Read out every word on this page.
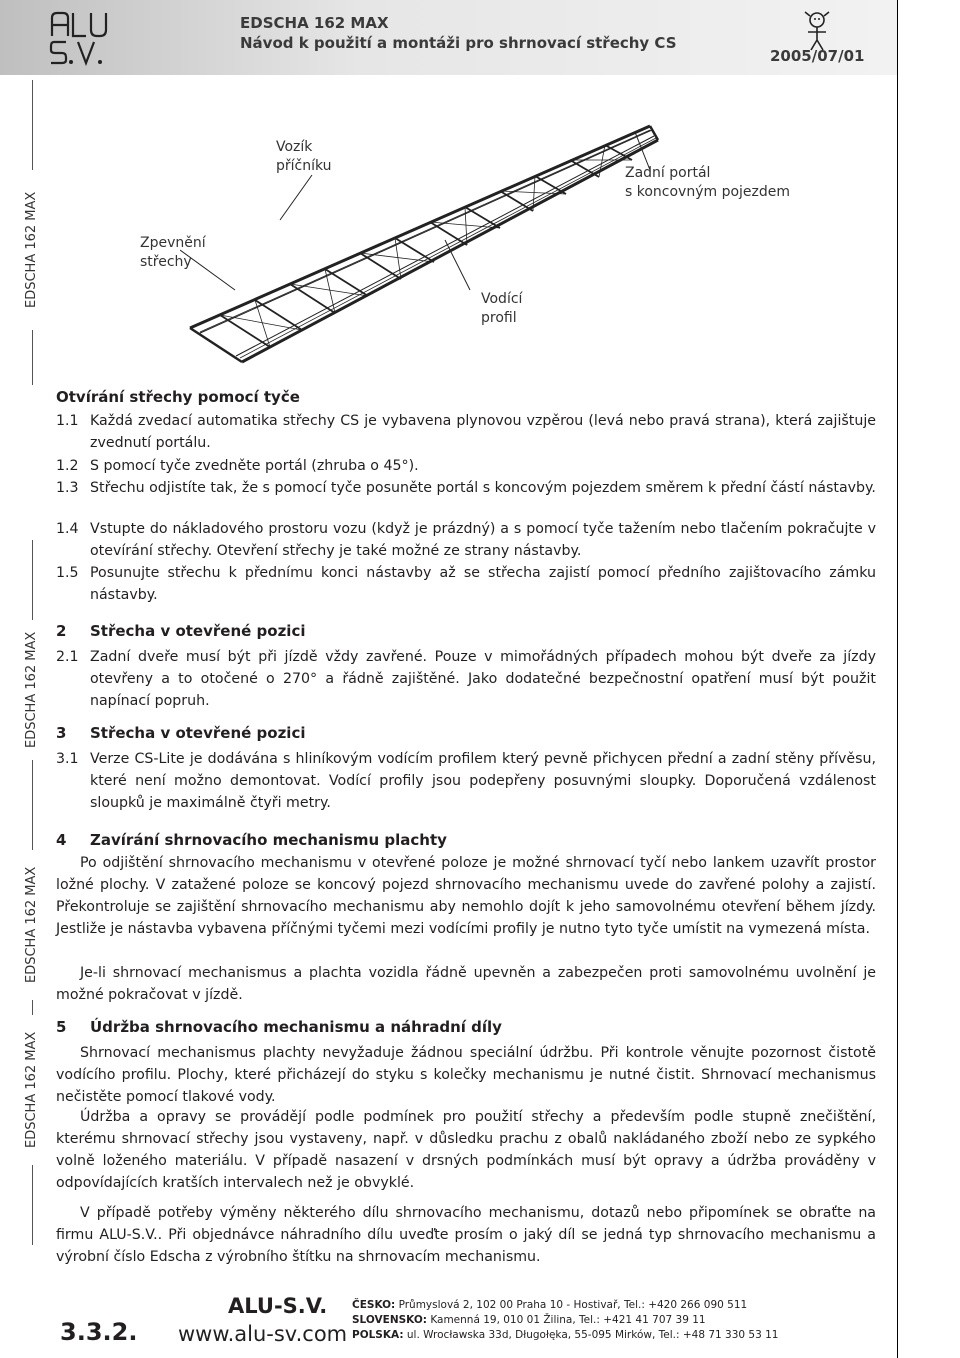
EDSCHA 162 MAX
Návod k použití a montáži pro shrnovací střechy CS
2005/07/01
EDSCHA 162 MAX
EDSCHA 162 MAX
EDSCHA 162 MAX
EDSCHA 162 MAX
Vozík
příčníku	Zadní portál
s koncovným pojezdem
Zpevnění
střechy
Vodící
profil
Otvírání střechy pomocí tyče
1.1 Každá zvedací automatika střechy CS je vybavena plynovou vzpěrou (levá nebo pravá strana), která zajištuje zvednutí portálu.
1.2 S pomocí tyče zvedněte portál (zhruba o 45°).
1.3 Střechu odjistíte tak, že s pomocí tyče posuněte portál s koncovým pojezdem směrem k přední částí nástavby.
1.4 Vstupte do nákladového prostoru vozu (když je prázdný) a s pomocí tyče tažením nebo tlačením pokračujte v otevírání střechy. Otevření střechy je také možné ze strany nástavby.
1.5 Posunujte střechu k přednímu konci nástavby až se střecha zajistí pomocí předního zajištovacího zámku nástavby.
2 Střecha v otevřené pozici
2.1 Zadní dveře musí být při jízdě vždy zavřené. Pouze v mimořádných případech mohou být dveře za jízdy otevřeny a to otočené o 270° a řádně zajištěné. Jako dodatečné bezpečnostní opatření musí být použit napínací popruh.
3 Střecha v otevřené pozici
3.1 Verze CS-Lite je dodávána s hliníkovým vodícím profilem který pevně přichycen přední a zadní stěny přívěsu, které není možno demontovat. Vodící profily jsou podepřeny posuvnými sloupky. Doporučená vzdálenost sloupků je maximálně čtyři metry.
4 Zavírání shrnovacího mechanismu plachty
Po odjištění shrnovacího mechanismu v otevřené poloze je možné shrnovací tyčí nebo lankem uzavřít prostor ložné plochy. V zatažené poloze se koncový pojezd shrnovacího mechanismu uvede do zavřené polohy a zajistí. Překontroluje se zajištění shrnovacího mechanismu aby nemohlo dojít k jeho samovolnému otevření během jízdy. Jestliže je nástavba vybavena příčnými tyčemi mezi vodícími profily je nutno tyto tyče umístit na vymezená místa.
Je-li shrnovací mechanismus a plachta vozidla řádně upevněn a zabezpečen proti samovolnému uvolnění je možné pokračovat v jízdě.
5 Údržba shrnovacího mechanismu a náhradní díly
Shrnovací mechanismus plachty nevyžaduje žádnou speciální údržbu. Při kontrole věnujte pozornost čistotě vodícího profilu. Plochy, které přicházejí do styku s kolečky mechanismu je nutné čistit. Shrnovací mechanismus nečistěte pomocí tlakové vody.
Údržba a opravy se provádějí podle podmínek pro použití střechy a především podle stupně znečištění, kterému shrnovací střechy jsou vystaveny, např. v důsledku prachu z obalů nakládaného zboží nebo ze sypkého volně loženého materiálu. V případě nasazení v drsných podmínkách musí být opravy a údržba prováděny v odpovídajících kratších intervalech než je obvyklé.
V případě potřeby výměny některého dílu shrnovacího mechanismu, dotazů nebo připomínek se obraťte na firmu ALU-S.V.. Při objednávce náhradního dílu uveďte prosím o jaký díl se jedná typ shrnovacího mechanismu a výrobní číslo Edscha z výrobního štítku na shrnovacím mechanismu.
3.3.2.
ALU-S.V.
www.alu-sv.com
ČESKO: Průmyslová 2, 102 00 Praha 10 - Hostivař, Tel.: +420 266 090 511
SLOVENSKO: Kamenná 19, 010 01 Žilina, Tel.: +421 41 707 39 11
POLSKA: ul. Wrocławska 33d, Długołęka, 55-095 Mirków, Tel.: +48 71 330 53 11
